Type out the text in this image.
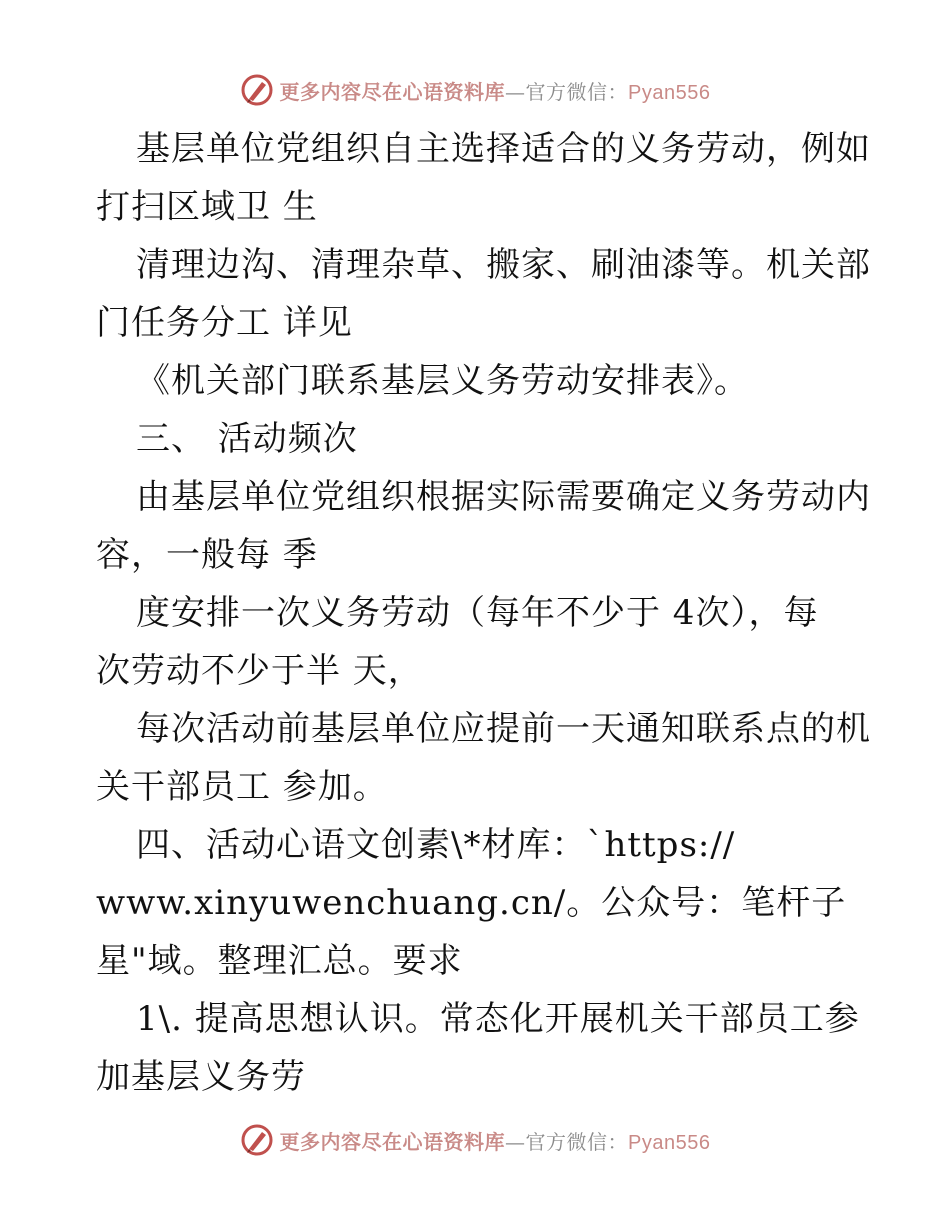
更多内容尽在心语资料库—官方微信：Pyan556
基层单位党组织自主选择适合的义务劳动，例如
打扫区域卫 生
清理边沟、清理杂草、搬家、刷油漆等。机关部
门任务分工 详见
《机关部门联系基层义务劳动安排表》。
三、 活动频次
由基层单位党组织根据实际需要确定义务劳动内
容，一般每 季
度安排一次义务劳动（每年不少于 4次），每
次劳动不少于半 天，
每次活动前基层单位应提前一天通知联系点的机
关干部员工 参加。
四、活动心语文创素\*材库：`https://
www.xinyuwenchuang.cn/。公众号：笔杆子
星"域。整理汇总。要求
1\. 提高思想认识。常态化开展机关干部员工参
加基层义务劳
更多内容尽在心语资料库—官方微信：Pyan556
